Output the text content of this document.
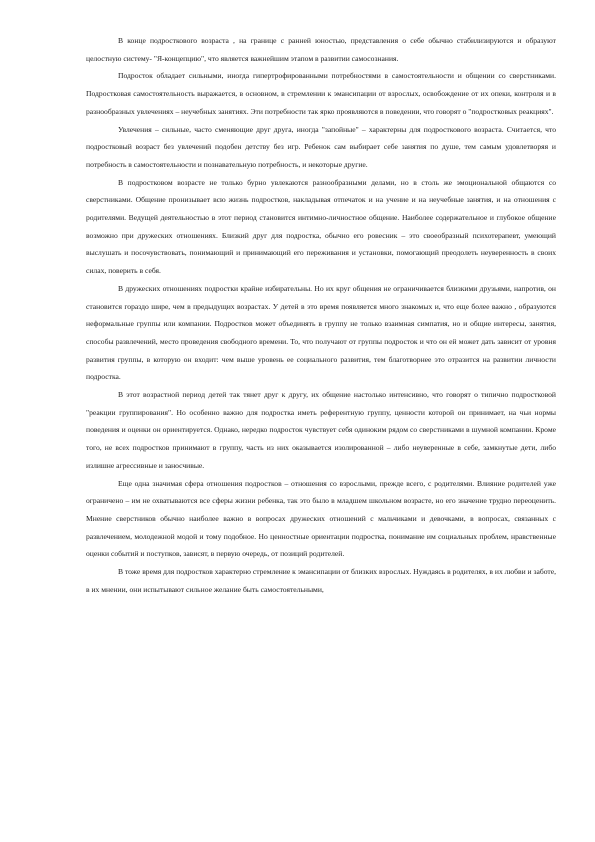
В конце подросткового возраста , на границе с ранней юностью, представления о себе обычно стабилизируются и образуют целостную систему- "Я-концепцию", что является важнейшим этапом в развитии самосознания.

Подросток обладает сильными, иногда гипертрофированными потребностями в самостоятельности и общении со сверстниками. Подростковая самостоятельность выражается, в основном, в стремлении к эмансипации от взрослых, освобождение от их опеки, контроля и в разнообразных увлечениях – неучебных занятиях. Эти потребности так ярко проявляются в поведении, что говорят о "подростковых реакциях".

Увлечения – сильные, часто сменяющие друг друга, иногда "запойные" – характерны для подросткового возраста. Считается, что подростковый возраст без увлечений подобен детству без игр. Ребенок сам выбирает себе занятия по душе, тем самым удовлетворяя и потребность в самостоятельности и познавательную потребность, и некоторые другие.

В подростковом возрасте не только бурно увлекаются разнообразными делами, но в столь же эмоциональной общаются со сверстниками. Общение пронизывает всю жизнь подростков, накладывая отпечаток и на учение и на неучебные занятия, и на отношения с родителями. Ведущей деятельностью в этот период становится интимно-личностное общение. Наиболее содержательное и глубокое общение возможно при дружеских отношениях. Близкий друг для подростка, обычно его ровесник – это своеобразный психотерапевт, умеющий выслушать и посочувствовать, понимающий и принимающий его переживания и установки, помогающий преодолеть неуверенность в своих силах, поверить в себя.

В дружеских отношениях подростки крайне избирательны. Но их круг общения не ограничивается близкими друзьями, напротив, он становится гораздо шире, чем в предыдущих возрастах. У детей в это время появляется много знакомых и, что еще более важно , образуются неформальные группы или компании. Подростков может объединять в группу не только взаимная симпатия, но и общие интересы, занятия, способы развлечений, место проведения свободного времени. То, что получают от группы подросток и что он ей может дать зависит от уровня развития группы, в которую он входит: чем выше уровень ее социального развития, тем благотворнее это отразится на развитии личности подростка.

В этот возрастной период детей так тянет друг к другу, их общение настолько интенсивно, что говорят о типично подростковой "реакции группирования". Но особенно важно для подростка иметь референтную группу, ценности которой он принимает, на чьи нормы поведения и оценки он ориентируется. Однако, нередко подросток чувствует себя одиноким рядом со сверстниками в шумной компании. Кроме того, не всех подростков принимают в группу, часть из них оказывается изолированной – либо неуверенные в себе, замкнутые дети, либо излишне агрессивные и заносчивые.

Еще одна значимая сфера отношения подростков – отношения со взрослыми, прежде всего, с родителями. Влияние родителей уже ограничено – им не охватываются все сферы жизни ребенка, так это было в младшем школьном возрасте, но его значение трудно переоценить. Мнение сверстников обычно наиболее важно в вопросах дружеских отношений с мальчиками и девочками, в вопросах, связанных с развлечением, молодежной модой и тому подобное. Но ценностные ориентации подростка, понимание им социальных проблем, нравственные оценки событий и поступков, зависят, в первую очередь, от позиций родителей.

В тоже время для подростков характерно стремление к эмансипации от близких взрослых. Нуждаясь в родителях, в их любви и заботе, в их мнении, они испытывают сильное желание быть самостоятельными,
